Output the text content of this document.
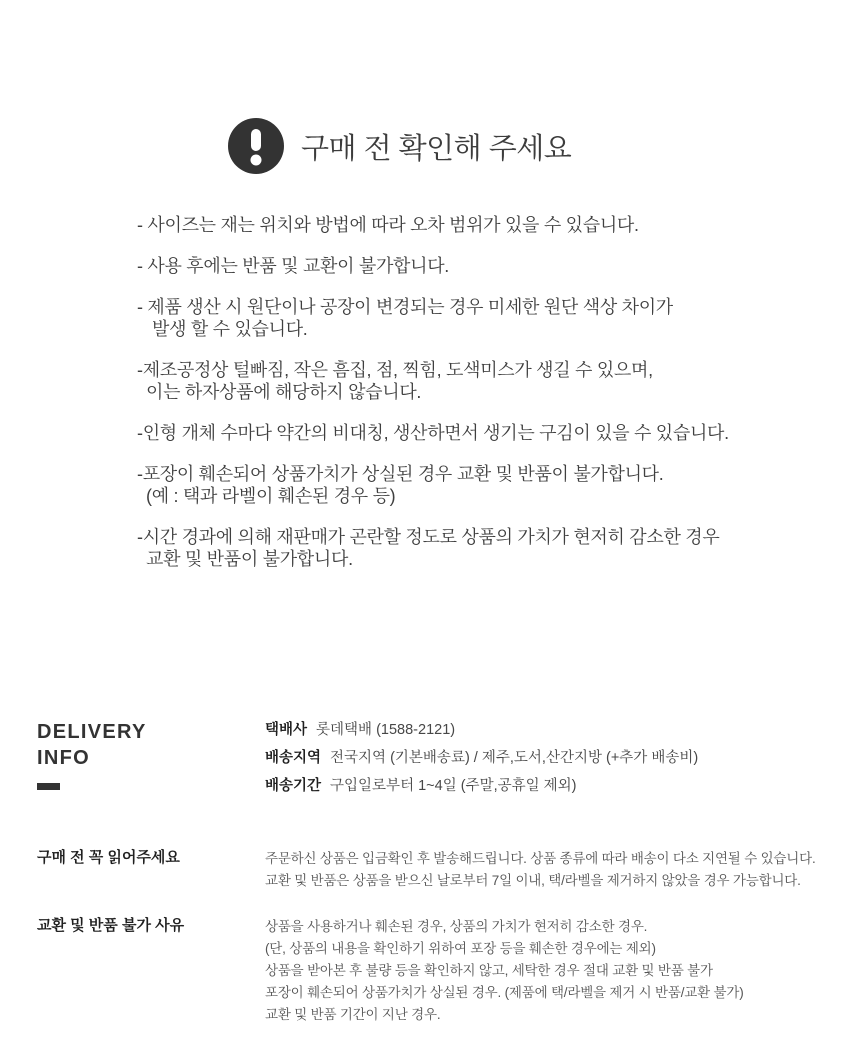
구매 전 확인해 주세요
- 사이즈는 재는 위치와 방법에 따라 오차 범위가 있을 수 있습니다.
- 사용 후에는 반품 및 교환이 불가합니다.
- 제품 생산 시 원단이나 공장이 변경되는 경우 미세한 원단 색상 차이가
발생 할 수 있습니다.
-제조공정상 털빠짐, 작은 흠집, 점, 찍힘, 도색미스가 생길 수 있으며,
이는 하자상품에 해당하지 않습니다.
-인형 개체 수마다 약간의 비대칭, 생산하면서 생기는 구김이 있을 수 있습니다.
-포장이 훼손되어 상품가치가 상실된 경우 교환 및 반품이 불가합니다.
(예 : 택과 라벨이 훼손된 경우 등)
-시간 경과에 의해 재판매가 곤란할 정도로 상품의 가치가 현저히 감소한 경우
교환 및 반품이 불가합니다.
DELIVERY
INFO
택배사 롯데택배 (1588-2121)
배송지역 전국지역 (기본배송료) / 제주,도서,산간지방 (+추가 배송비)
배송기간 구입일로부터 1~4일 (주말,공휴일 제외)
구매 전 꼭 읽어주세요	주문하신 상품은 입금확인 후 발송해드립니다. 상품 종류에 따라 배송이 다소 지연될 수 있습니다.
교환 및 반품은 상품을 받으신 날로부터 7일 이내, 택/라벨을 제거하지 않았을 경우 가능합니다.
교환 및 반품 불가 사유	상품을 사용하거나 훼손된 경우, 상품의 가치가 현저히 감소한 경우.
(단, 상품의 내용을 확인하기 위하여 포장 등을 훼손한 경우에는 제외)
상품을 받아본 후 불량 등을 확인하지 않고, 세탁한 경우 절대 교환 및 반품 불가
포장이 훼손되어 상품가치가 상실된 경우. (제품에 택/라벨을 제거 시 반품/교환 불가)
교환 및 반품 기간이 지난 경우.
